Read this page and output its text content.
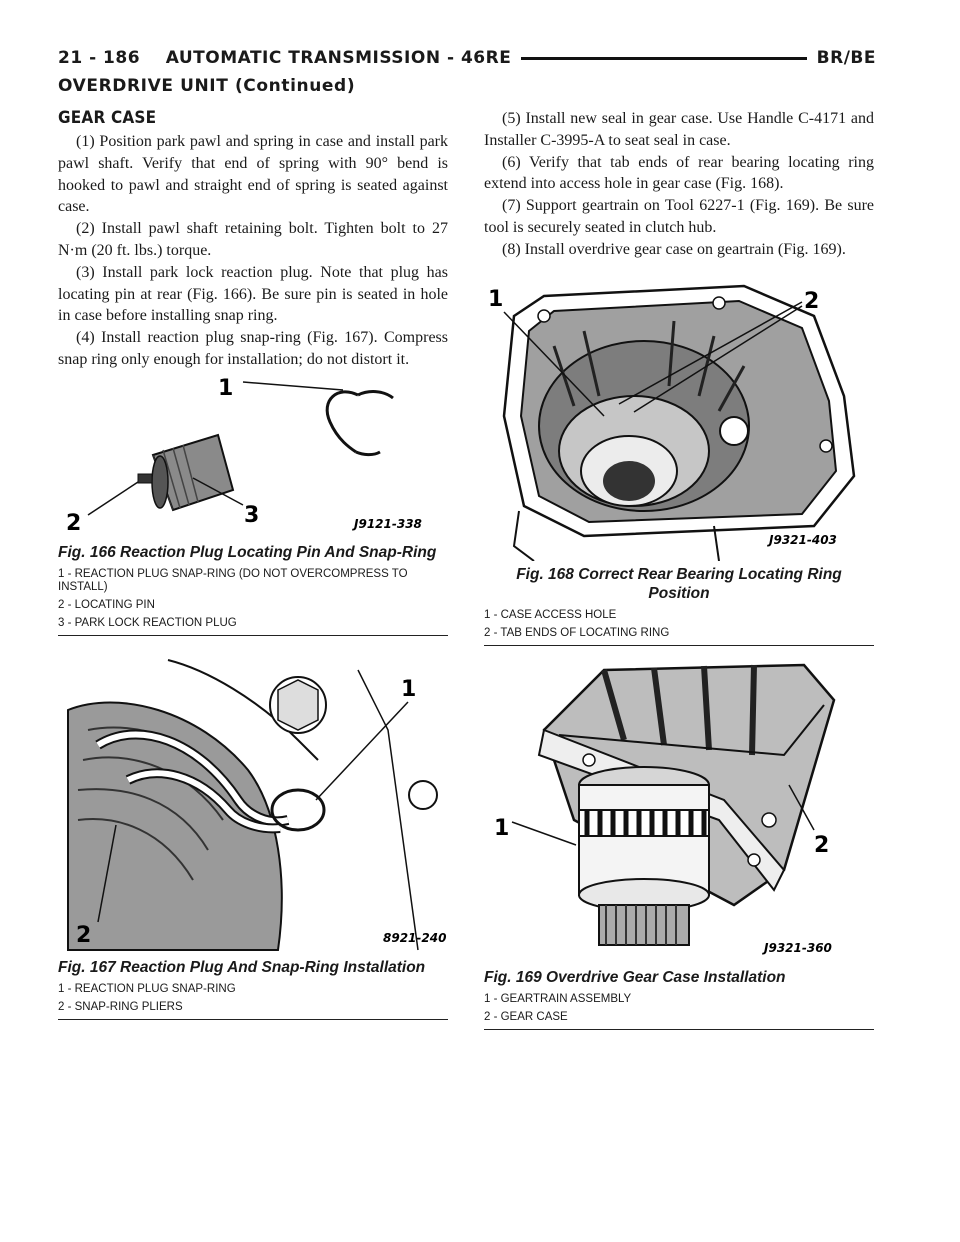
21 - 186    AUTOMATIC TRANSMISSION - 46RE	BR/BE
OVERDRIVE UNIT (Continued)
GEAR CASE

(1) Position park pawl and spring in case and install park pawl shaft. Verify that end of spring with 90° bend is hooked to pawl and straight end of spring is seated against case.

(2) Install pawl shaft retaining bolt. Tighten bolt to 27 N·m (20 ft. lbs.) torque.

(3) Install park lock reaction plug. Note that plug has locating pin at rear (Fig. 166). Be sure pin is seated in hole in case before installing snap ring.

(4) Install reaction plug snap-ring (Fig. 167). Compress snap ring only enough for installation; do not distort it.

(5) Install new seal in gear case. Use Handle C-4171 and Installer C-3995-A to seat seal in case.

(6) Verify that tab ends of rear bearing locating ring extend into access hole in gear case (Fig. 168).

(7) Support geartrain on Tool 6227-1 (Fig. 169). Be sure tool is securely seated in clutch hub.

(8) Install overdrive gear case on geartrain (Fig. 169).

1
2	3	J9121-338
Fig. 166 Reaction Plug Locating Pin And Snap-Ring
1 - REACTION PLUG SNAP-RING (DO NOT OVERCOMPRESS TO INSTALL)
2 - LOCATING PIN
3 - PARK LOCK REACTION PLUG
1
2	8921-240
Fig. 167 Reaction Plug And Snap-Ring Installation
1 - REACTION PLUG SNAP-RING
2 - SNAP-RING PLIERS
1	2
J9321-403
Fig. 168 Correct Rear Bearing Locating Ring
Position
1 - CASE ACCESS HOLE
2 - TAB ENDS OF LOCATING RING
1
2
J9321-360
Fig. 169 Overdrive Gear Case Installation
1 - GEARTRAIN ASSEMBLY
2 - GEAR CASE
